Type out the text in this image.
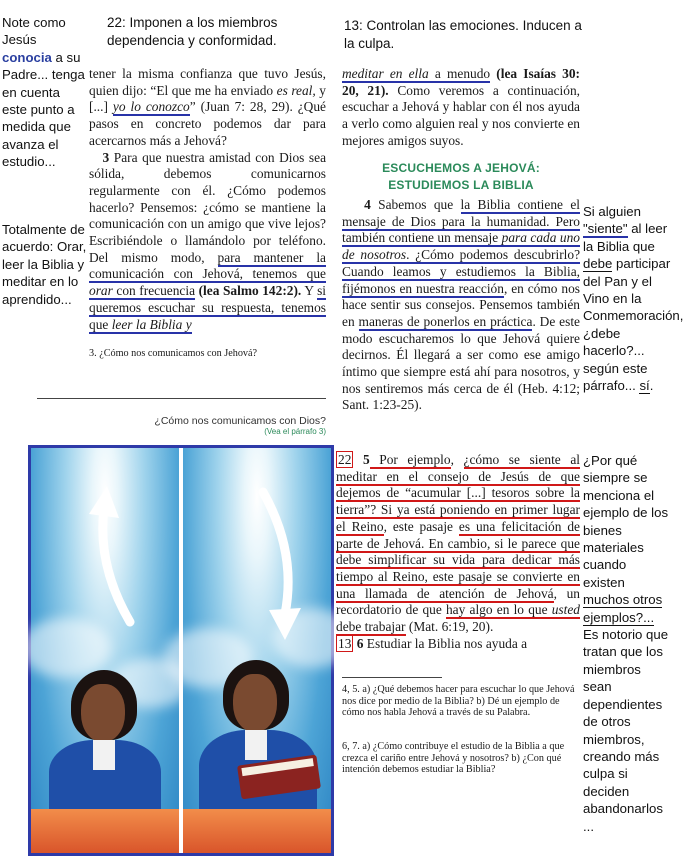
Note como Jesús conocia a su Padre... tenga en cuenta este punto a medida que avanza el estudio...
Totalmente de acuerdo: Orar, leer la Biblia y meditar en lo aprendido...
22: Imponen a los miembros dependencia y conformidad.
13: Controlan las emociones. Inducen a la culpa.
tener la misma confianza que tuvo Jesús, quien dijo: “El que me ha enviado es real, y [...] yo lo conozco” (Juan 7: 28, 29). ¿Qué pasos en concreto podemos dar para acercarnos más a Jehová?
3 Para que nuestra amistad con Dios sea sólida, debemos comunicarnos regularmente con él. ¿Cómo podemos hacerlo? Pensemos: ¿cómo se mantiene la comunicación con un amigo que vive lejos? Escribiéndole o llamándolo por teléfono. Del mismo modo, para mantener la comunicación con Jehová, tenemos que orar con frecuencia (lea Salmo 142:2). Y si queremos escuchar su respuesta, tenemos que leer la Biblia y
3. ¿Cómo nos comunicamos con Jehová?
¿Cómo nos comunicamos con Dios?
(Vea el párrafo 3)
meditar en ella a menudo (lea Isaías 30: 20, 21). Como veremos a continuación, escuchar a Jehová y hablar con él nos ayuda a verlo como alguien real y nos convierte en mejores amigos suyos.
ESCUCHEMOS A JEHOVÁ:
ESTUDIEMOS LA BIBLIA
4 Sabemos que la Biblia contiene el mensaje de Dios para la humanidad. Pero también contiene un mensaje para cada uno de nosotros. ¿Cómo podemos descubrirlo? Cuando leamos y estudiemos la Biblia, fijémonos en nuestra reacción, en cómo nos hace sentir sus consejos. Pensemos también en maneras de ponerlos en práctica. De este modo escucharemos lo que Jehová quiere decirnos. Él llegará a ser como ese amigo íntimo que siempre está ahí para nosotros, y nos sentiremos más cerca de él (Heb. 4:12; Sant. 1:23-25).
22 5 Por ejemplo, ¿cómo se siente al meditar en el consejo de Jesús de que dejemos de “acumular [...] tesoros sobre la tierra”? Si ya está poniendo en primer lugar el Reino, este pasaje es una felicitación de parte de Jehová. En cambio, si le parece que debe simplificar su vida para dedicar más tiempo al Reino, este pasaje se convierte en una llamada de atención de Jehová, un recordatorio de que hay algo en lo que usted debe trabajar (Mat. 6:19, 20).
13 6 Estudiar la Biblia nos ayuda a
4, 5. a) ¿Qué debemos hacer para escuchar lo que Jehová nos dice por medio de la Biblia? b) Dé un ejemplo de cómo nos habla Jehová a través de su Palabra.
6, 7. a) ¿Cómo contribuye el estudio de la Biblia a que crezca el cariño entre Jehová y nosotros? b) ¿Con qué intención debemos estudiar la Biblia?
Si alguien "siente" al leer la Biblia que debe participar del Pan y el Vino en la Conmemoración, ¿debe hacerlo?... según este párrafo... sí.
¿Por qué siempre se menciona el ejemplo de los bienes materiales cuando existen muchos otros ejemplos?... Es notorio que tratan que los miembros sean dependientes de otros miembros, creando más culpa si deciden abandonarlos ...
